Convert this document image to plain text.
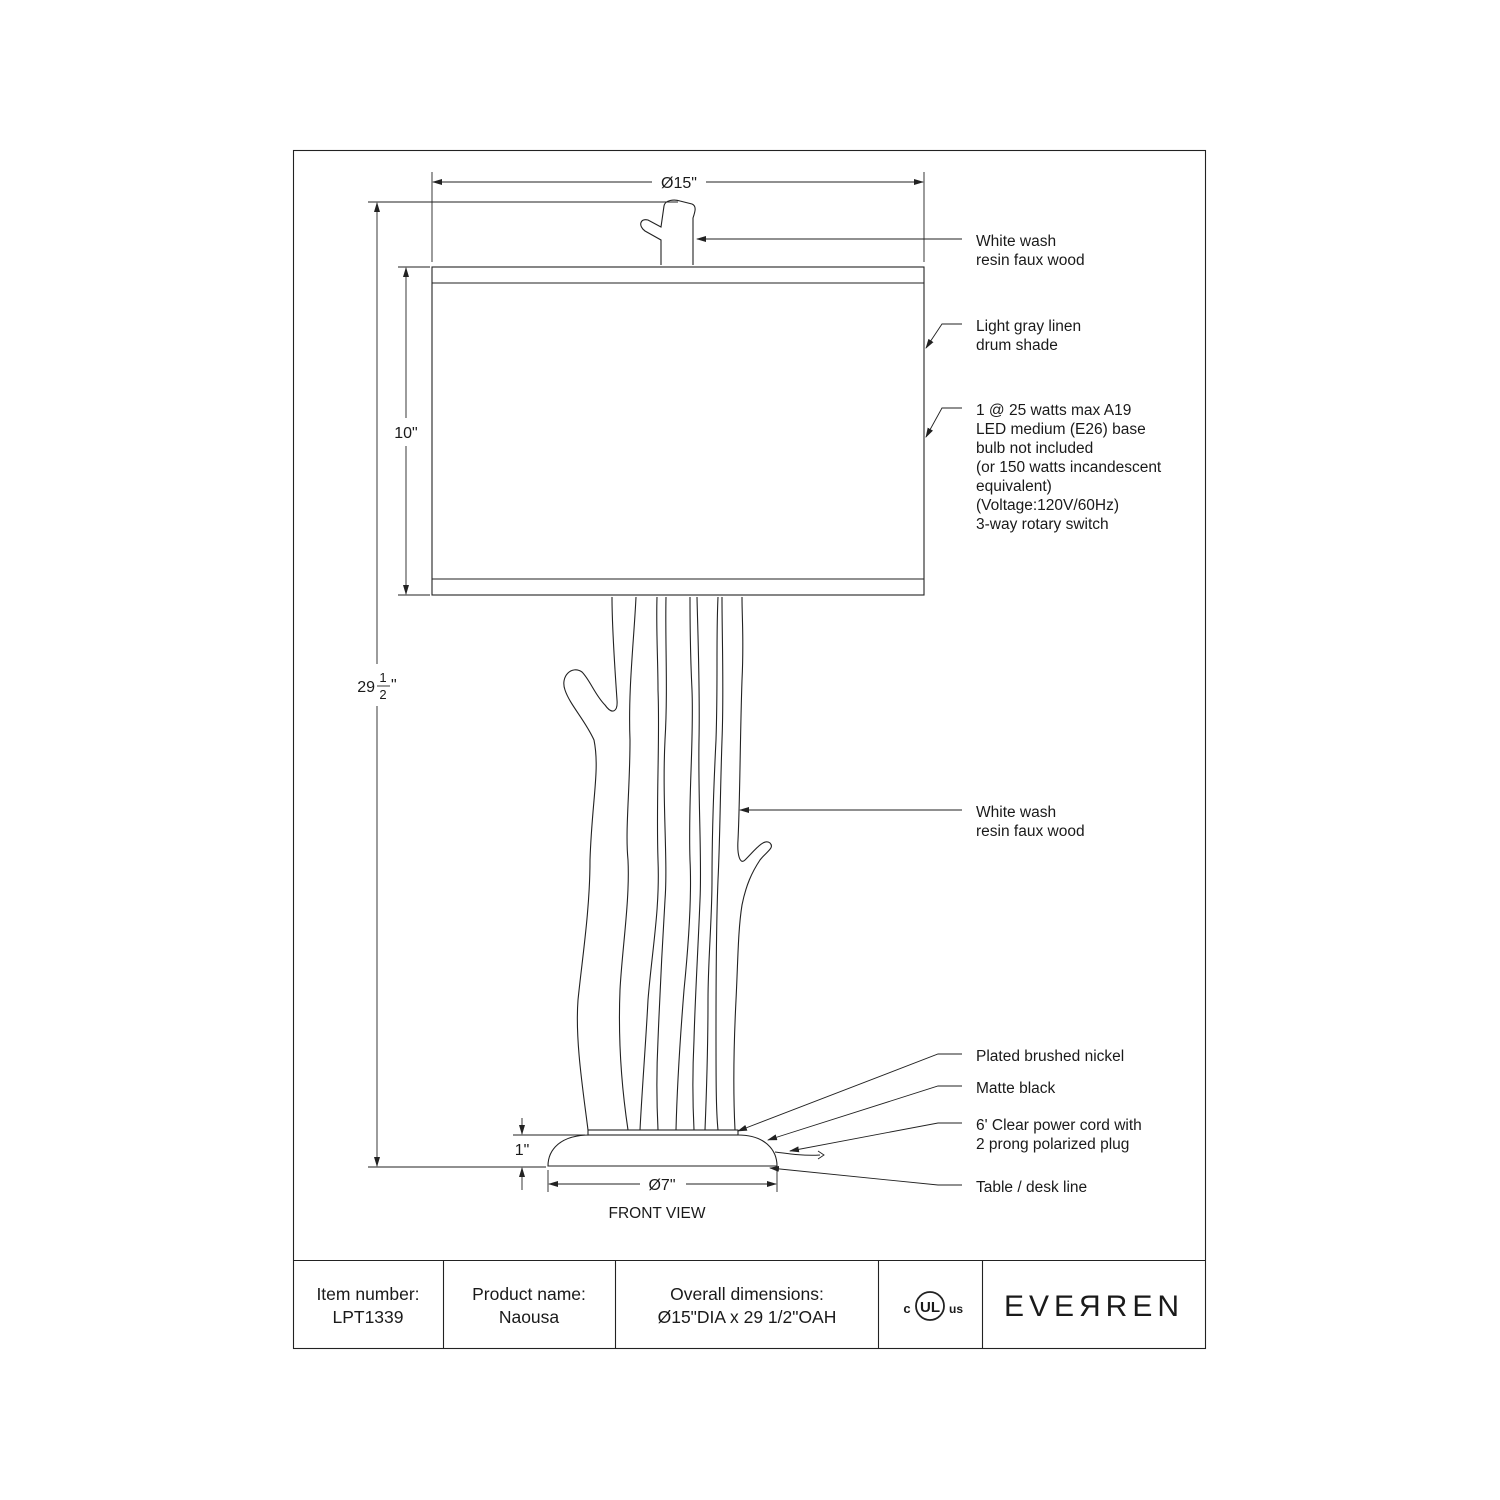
Ø15"
10"
29
1
2
"
1"
Ø7"
FRONT VIEW
White wash
resin faux wood
Light gray linen
drum shade
1 @ 25 watts max A19
LED medium (E26) base
bulb not included
(or 150 watts incandescent
equivalent)
(Voltage:120V/60Hz)
3-way rotary switch
White wash
resin faux wood
Plated brushed nickel
Matte black
6' Clear power cord with
2 prong polarized plug
Table / desk line
Item number:
LPT1339
Product name:
Naousa
Overall dimensions:
Ø15"DIA x 29 1/2"OAH	c UL us EVEЯREN
